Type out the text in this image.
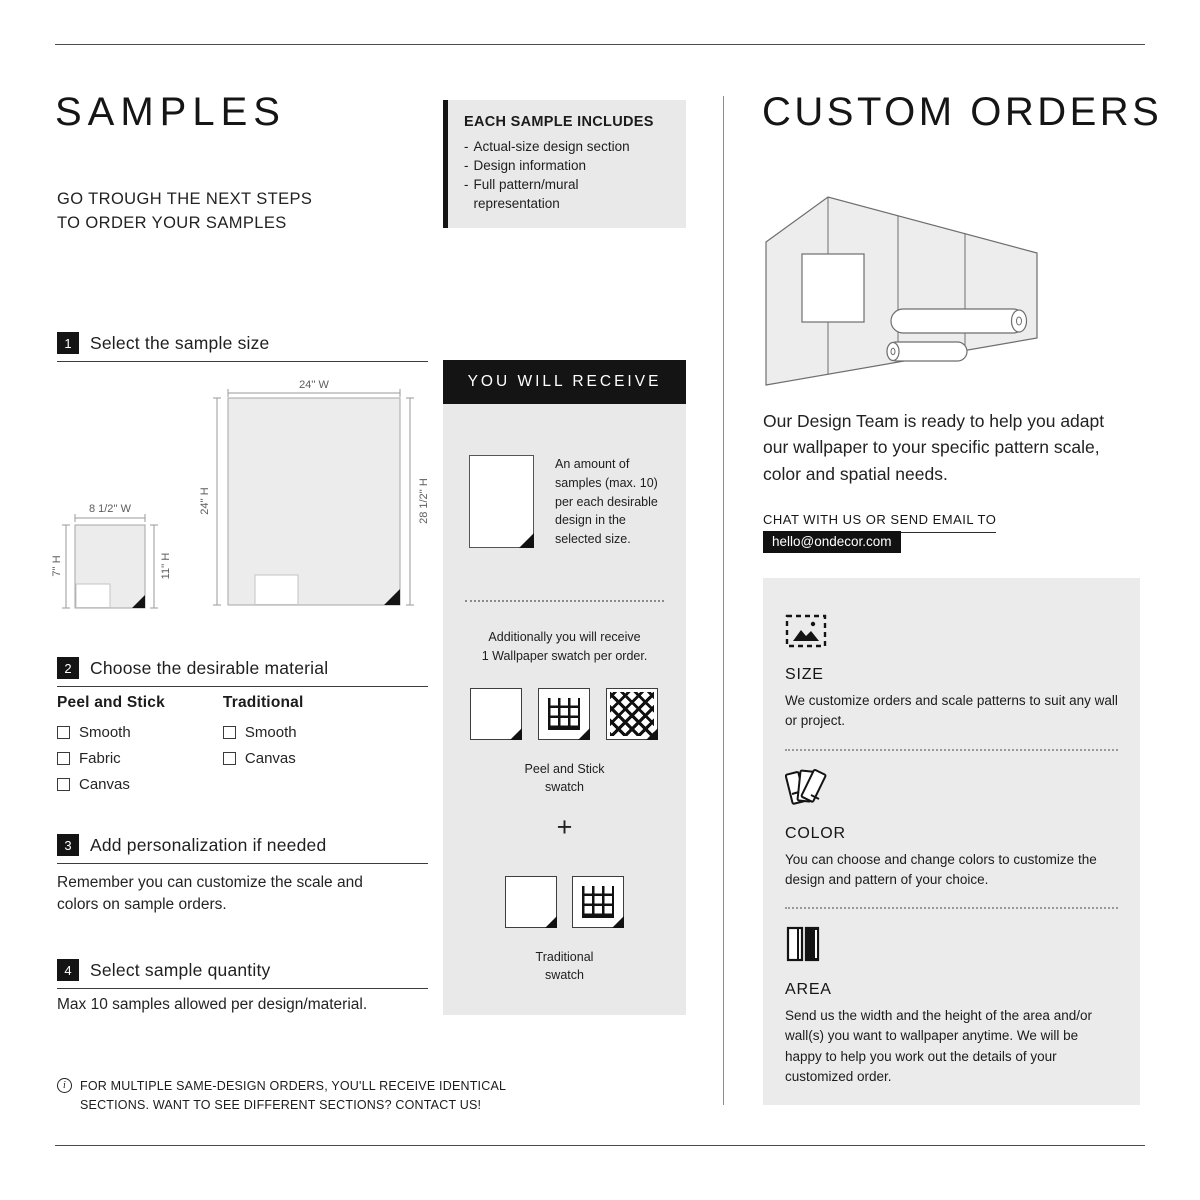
SAMPLES
GO TROUGH THE NEXT STEPS
TO ORDER YOUR SAMPLES
1	Select the sample size
24'' W
24'' H	28 1/2'' H
8 1/2'' W
7'' H	11'' H
2	Choose the desirable material
Peel and Stick
Smooth
Fabric
Canvas
Traditional
Smooth
Canvas
3	Add personalization if needed
Remember you can customize the scale and colors on sample orders.
4	Select sample quantity
Max 10 samples allowed per design/material.
i	FOR MULTIPLE SAME-DESIGN ORDERS, YOU'LL RECEIVE IDENTICAL SECTIONS. WANT TO SEE DIFFERENT SECTIONS? CONTACT US!
EACH SAMPLE INCLUDES
- Actual-size design section
- Design information
- Full pattern/mural representation
YOU WILL RECEIVE
An amount of samples (max. 10) per each desirable design in the selected size.
Additionally you will receive
1 Wallpaper swatch per order.
Peel and Stick
swatch
+
Traditional
swatch
CUSTOM ORDERS
Our Design Team is ready to help you adapt our wallpaper to your specific pattern scale, color and spatial needs.
CHAT WITH US OR SEND EMAIL TO
hello@ondecor.com
SIZE
We customize orders and scale patterns to suit any wall or project.
COLOR
You can choose and change colors to customize the design and pattern of your choice.
AREA
Send us the width and the height of the area and/or wall(s) you want to wallpaper anytime. We will be happy to help you work out the details of your customized order.
